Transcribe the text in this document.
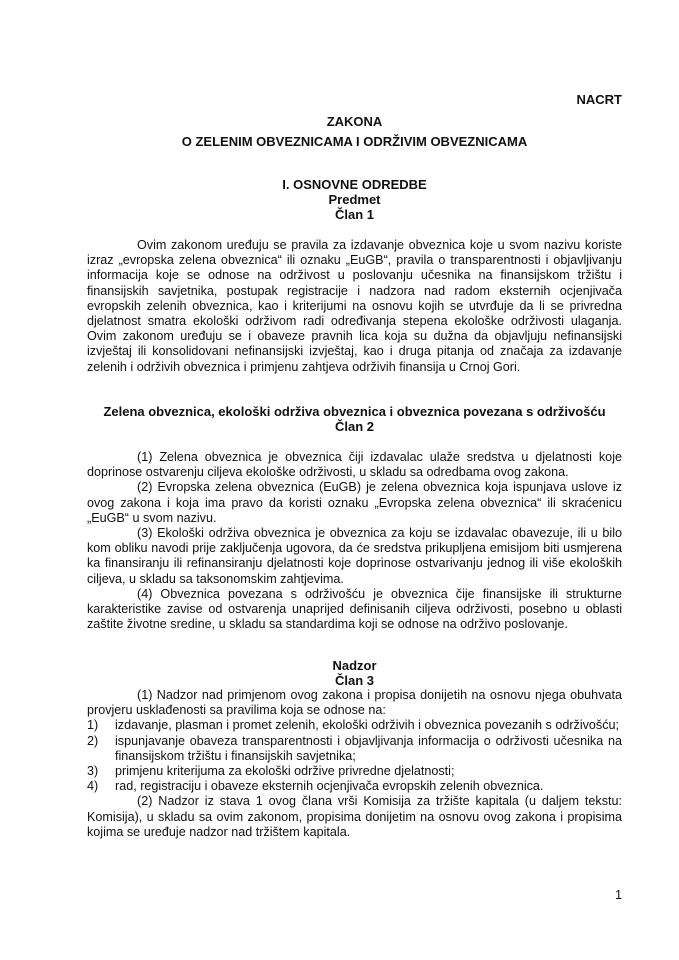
NACRT
ZAKONA
O ZELENIM OBVEZNICAMA I ODRŽIVIM OBVEZNICAMA
I. OSNOVNE ODREDBE
Predmet
Član 1

Ovim zakonom uređuju se pravila za izdavanje obveznica koje u svom nazivu koriste izraz „evropska zelena obveznica“ ili oznaku „EuGB“, pravila o transparentnosti i objavljivanju informacija koje se odnose na održivost u poslovanju učesnika na finansijskom tržištu i finansijskih savjetnika, postupak registracije i nadzora nad radom eksternih ocjenjivača evropskih zelenih obveznica, kao i kriterijumi na osnovu kojih se utvrđuje da li se privredna djelatnost smatra ekološki održivom radi određivanja stepena ekološke održivosti ulaganja. Ovim zakonom uređuju se i obaveze pravnih lica koja su dužna da objavljuju nefinansijski izvještaj ili konsolidovani nefinansijski izvještaj, kao i druga pitanja od značaja za izdavanje zelenih i održivih obveznica i primjenu zahtjeva održivih finansija u Crnoj Gori.

Zelena obveznica, ekološki održiva obveznica i obveznica povezana s održivošću
Član 2

(1) Zelena obveznica je obveznica čiji izdavalac ulaže sredstva u djelatnosti koje doprinose ostvarenju ciljeva ekološke održivosti, u skladu sa odredbama ovog zakona.

(2) Evropska zelena obveznica (EuGB) je zelena obveznica koja ispunjava uslove iz ovog zakona i koja ima pravo da koristi oznaku „Evropska zelena obveznica“ ili skraćenicu „EuGB“ u svom nazivu.

(3) Ekološki održiva obveznica je obveznica za koju se izdavalac obavezuje, ili u bilo kom obliku navodi prije zaključenja ugovora, da će sredstva prikupljena emisijom biti usmjerena ka finansiranju ili refinansiranju djelatnosti koje doprinose ostvarivanju jednog ili više ekoloških ciljeva, u skladu sa taksonomskim zahtjevima.

(4) Obveznica povezana s održivošću je obveznica čije finansijske ili strukturne karakteristike zavise od ostvarenja unaprijed definisanih ciljeva održivosti, posebno u oblasti zaštite životne sredine, u skladu sa standardima koji se odnose na održivo poslovanje.

Nadzor
Član 3

(1) Nadzor nad primjenom ovog zakona i propisa donijetih na osnovu njega obuhvata provjeru usklađenosti sa pravilima koja se odnose na:

1) izdavanje, plasman i promet zelenih, ekološki održivih i obveznica povezanih s održivošću;
2) ispunjavanje obaveza transparentnosti i objavljivanja informacija o održivosti učesnika na finansijskom tržištu i finansijskih savjetnika;
3) primjenu kriterijuma za ekološki održive privredne djelatnosti;
4) rad, registraciju i obaveze eksternih ocjenjivača evropskih zelenih obveznica.

(2) Nadzor iz stava 1 ovog člana vrši Komisija za tržište kapitala (u daljem tekstu: Komisija), u skladu sa ovim zakonom, propisima donijetim na osnovu ovog zakona i propisima kojima se uređuje nadzor nad tržištem kapitala.

1
